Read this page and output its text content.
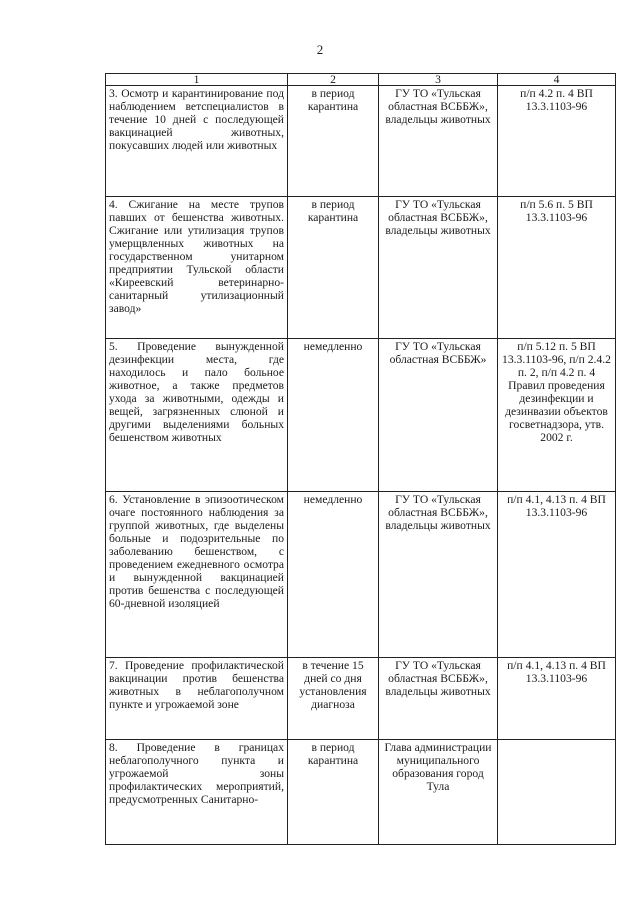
2
1	2	3	4
3. Осмотр и карантинирование под наблюдением ветспециалистов в течение 10 дней с последующей вакцинацией животных, покусавших людей или животных	в период карантина	ГУ ТО «Тульская областная ВСББЖ», владельцы животных	п/п 4.2 п. 4 ВП 13.3.1103-96
4. Сжигание на месте трупов павших от бешенства животных. Сжигание или утилизация трупов умерщвленных животных на государственном унитарном предприятии Тульской области «Киреевский ветеринарно-санитарный утилизационный завод»	в период карантина	ГУ ТО «Тульская областная ВСББЖ», владельцы животных	п/п 5.6 п. 5 ВП 13.3.1103-96
5. Проведение вынужденной дезинфекции места, где находилось и пало больное животное, а также предметов ухода за животными, одежды и вещей, загрязненных слюной и другими выделениями больных бешенством животных	немедленно	ГУ ТО «Тульская областная ВСББЖ»	п/п 5.12 п. 5 ВП 13.3.1103-96, п/п 2.4.2 п. 2, п/п 4.2 п. 4 Правил проведения дезинфекции и дезинвазии объектов госветнадзора, утв. 2002 г.
6. Установление в эпизоотическом очаге постоянного наблюдения за группой животных, где выделены больные и подозрительные по заболеванию бешенством, с проведением ежедневного осмотра и вынужденной вакцинацией против бешенства с последующей 60-дневной изоляцией	немедленно	ГУ ТО «Тульская областная ВСББЖ», владельцы животных	п/п 4.1, 4.13 п. 4 ВП 13.3.1103-96
7. Проведение профилактической вакцинации против бешенства животных в неблагополучном пункте и угрожаемой зоне	в течение 15 дней со дня установления диагноза	ГУ ТО «Тульская областная ВСББЖ», владельцы животных	п/п 4.1, 4.13 п. 4 ВП 13.3.1103-96
8. Проведение в границах неблагополучного пункта и угрожаемой зоны профилактических мероприятий, предусмотренных Санитарно-	в период карантина	Глава администрации муниципального образования город Тула	
